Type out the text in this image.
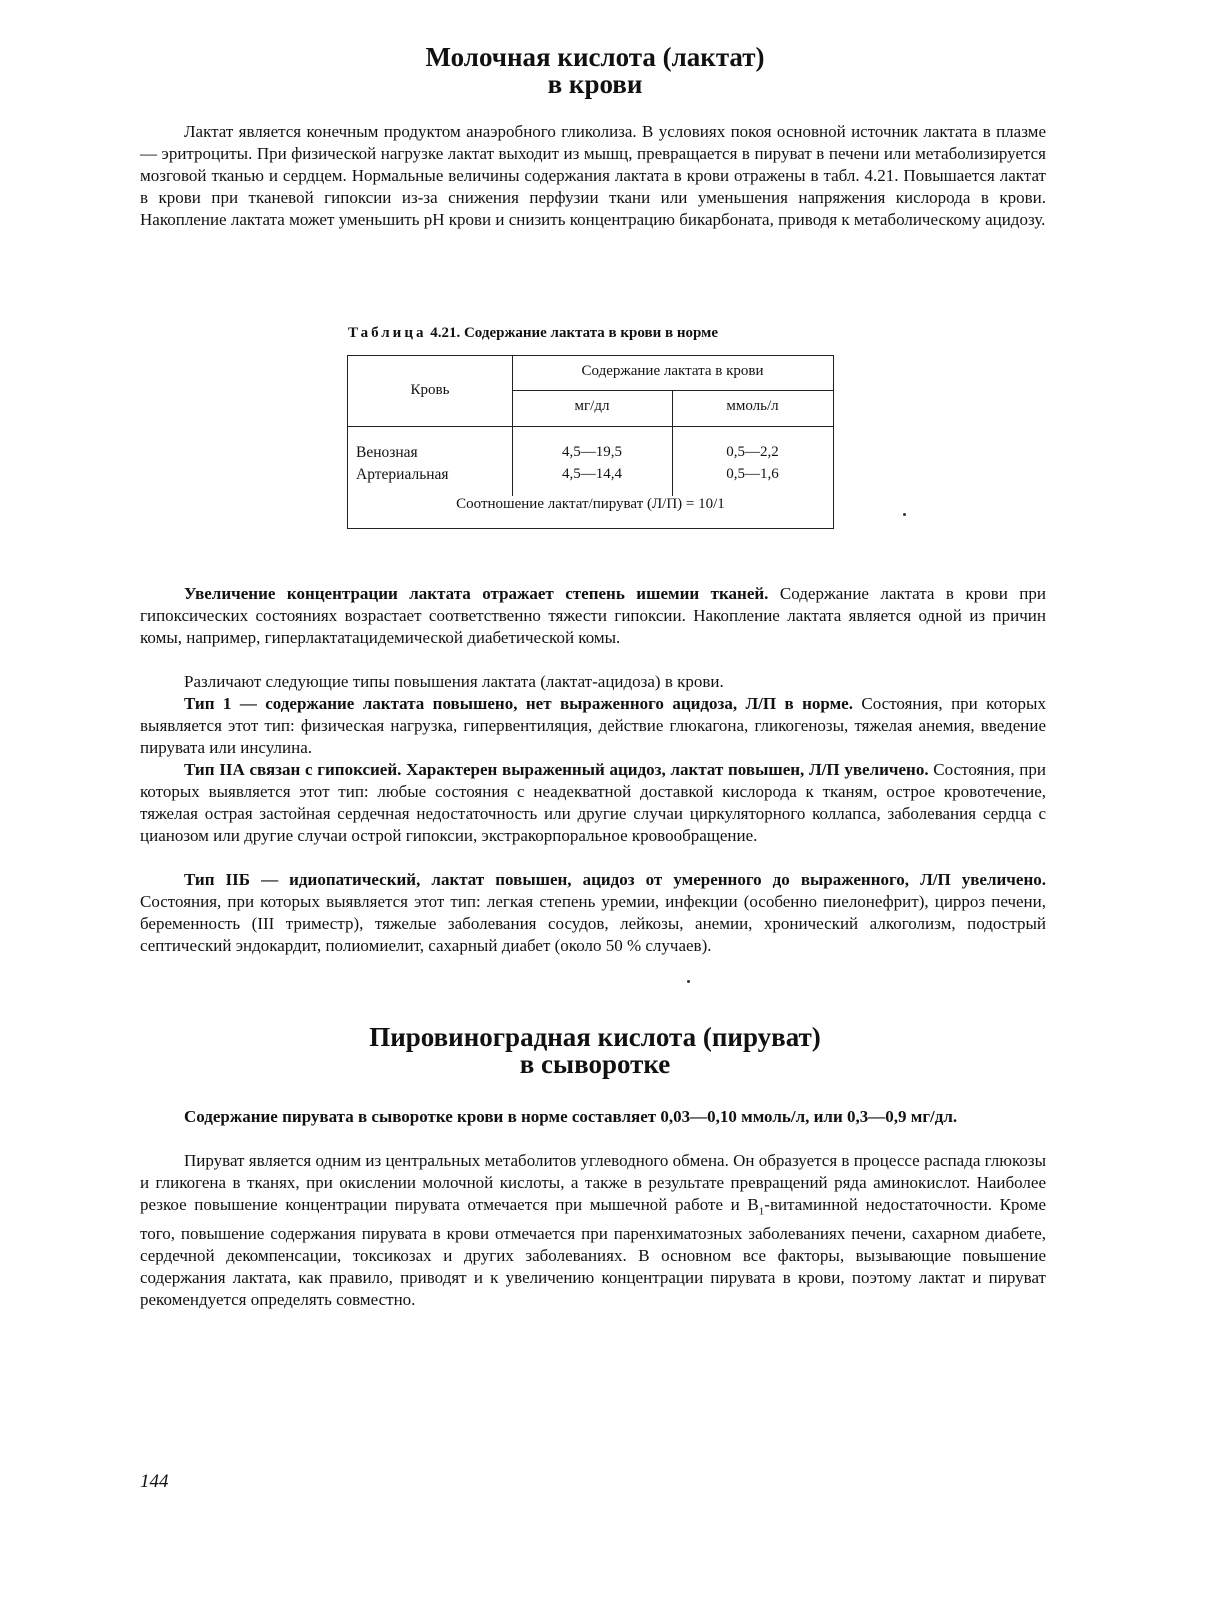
Молочная кислота (лактат)
в крови

Лактат является конечным продуктом анаэробного гликолиза. В условиях покоя основной источник лактата в плазме — эритроциты. При физической нагрузке лактат выходит из мышц, превращается в пируват в печени или метаболизируется мозговой тканью и сердцем. Нормальные величины содержания лактата в крови отражены в табл. 4.21. Повышается лактат в крови при тканевой гипоксии из-за снижения перфузии ткани или уменьшения напряжения кислорода в крови. Накопление лактата может уменьшить pH крови и снизить концентрацию бикарбоната, приводя к метаболическому ацидозу.

Таблица 4.21. Содержание лактата в крови в норме

Кровь
Содержание лактата в крови
мг/дл	ммоль/л
Венозная	4,5—19,5	0,5—2,2
Артериальная	4,5—14,4	0,5—1,6
Соотношение лактат/пируват (Л/П) = 10/1

Увеличение концентрации лактата отражает степень ишемии тканей. Содержание лактата в крови при гипоксических состояниях возрастает соответственно тяжести гипоксии. Накопление лактата является одной из причин комы, например, гиперлактатацидемической диабетической комы.

Различают следующие типы повышения лактата (лактат-ацидоза) в крови.

Тип 1 — содержание лактата повышено, нет выраженного ацидоза, Л/П в норме. Состояния, при которых выявляется этот тип: физическая нагрузка, гипервентиляция, действие глюкагона, гликогенозы, тяжелая анемия, введение пирувата или инсулина.

Тип IIА связан с гипоксией. Характерен выраженный ацидоз, лактат повышен, Л/П увеличено. Состояния, при которых выявляется этот тип: любые состояния с неадекватной доставкой кислорода к тканям, острое кровотечение, тяжелая острая застойная сердечная недостаточность или другие случаи циркуляторного коллапса, заболевания сердца с цианозом или другие случаи острой гипоксии, экстракорпоральное кровообращение.

Тип IIБ — идиопатический, лактат повышен, ацидоз от умеренного до выраженного, Л/П увеличено. Состояния, при которых выявляется этот тип: легкая степень уремии, инфекции (особенно пиелонефрит), цирроз печени, беременность (III триместр), тяжелые заболевания сосудов, лейкозы, анемии, хронический алкоголизм, подострый септический эндокардит, полиомиелит, сахарный диабет (около 50 % случаев).

Пировиноградная кислота (пируват)
в сыворотке

Содержание пирувата в сыворотке крови в норме составляет 0,03—0,10 ммоль/л, или 0,3—0,9 мг/дл.

Пируват является одним из центральных метаболитов углеводного обмена. Он образуется в процессе распада глюкозы и гликогена в тканях, при окислении молочной кислоты, а также в результате превращений ряда аминокислот. Наиболее резкое повышение концентрации пирувата отмечается при мышечной работе и $B_1$-витаминной недостаточности. Кроме того, повышение содержания пирувата в крови отмечается при паренхиматозных заболеваниях печени, сахарном диабете, сердечной декомпенсации, токсикозах и других заболеваниях. В основном все факторы, вызывающие повышение содержания лактата, как правило, приводят и к увеличению концентрации пирувата в крови, поэтому лактат и пируват рекомендуется определять совместно.

144
